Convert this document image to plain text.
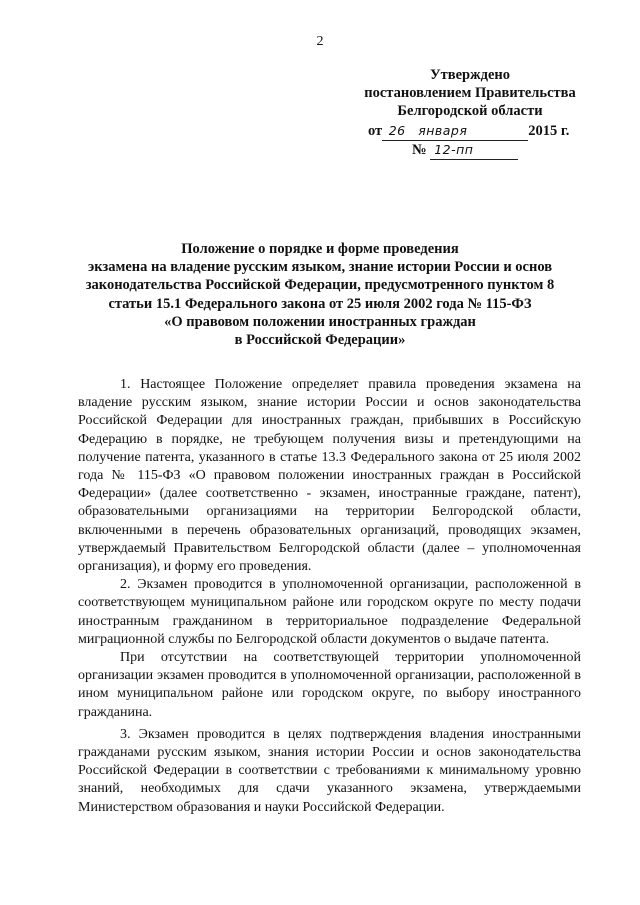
2
Утверждено
постановлением Правительства
Белгородской области
от 26 января	2015 г.
№ 12-пп
Положение о порядке и форме проведения
экзамена на владение русским языком, знание истории России и основ
законодательства Российской Федерации, предусмотренного пунктом 8
статьи 15.1 Федерального закона от 25 июля 2002 года № 115-ФЗ
«О правовом положении иностранных граждан
в Российской Федерации»

1. Настоящее Положение определяет правила проведения экзамена на владение русским языком, знание истории России и основ законодательства Российской Федерации для иностранных граждан, прибывших в Российскую Федерацию в порядке, не требующем получения визы и претендующими на получение патента, указанного в статье 13.3 Федерального закона от 25 июля 2002 года № 115-ФЗ «О правовом положении иностранных граждан в Российской Федерации» (далее соответственно - экзамен, иностранные граждане, патент), образовательными организациями на территории Белгородской области, включенными в перечень образовательных организаций, проводящих экзамен, утверждаемый Правительством Белгородской области (далее – уполномоченная организация), и форму его проведения.

2. Экзамен проводится в уполномоченной организации, расположенной в соответствующем муниципальном районе или городском округе по месту подачи иностранным гражданином в территориальное подразделение Федеральной миграционной службы по Белгородской области документов о выдаче патента.

При отсутствии на соответствующей территории уполномоченной организации экзамен проводится в уполномоченной организации, расположенной в ином муниципальном районе или городском округе, по выбору иностранного гражданина.

3. Экзамен проводится в целях подтверждения владения иностранными гражданами русским языком, знания истории России и основ законодательства Российской Федерации в соответствии с требованиями к минимальному уровню знаний, необходимых для сдачи указанного экзамена, утверждаемыми Министерством образования и науки Российской Федерации.
